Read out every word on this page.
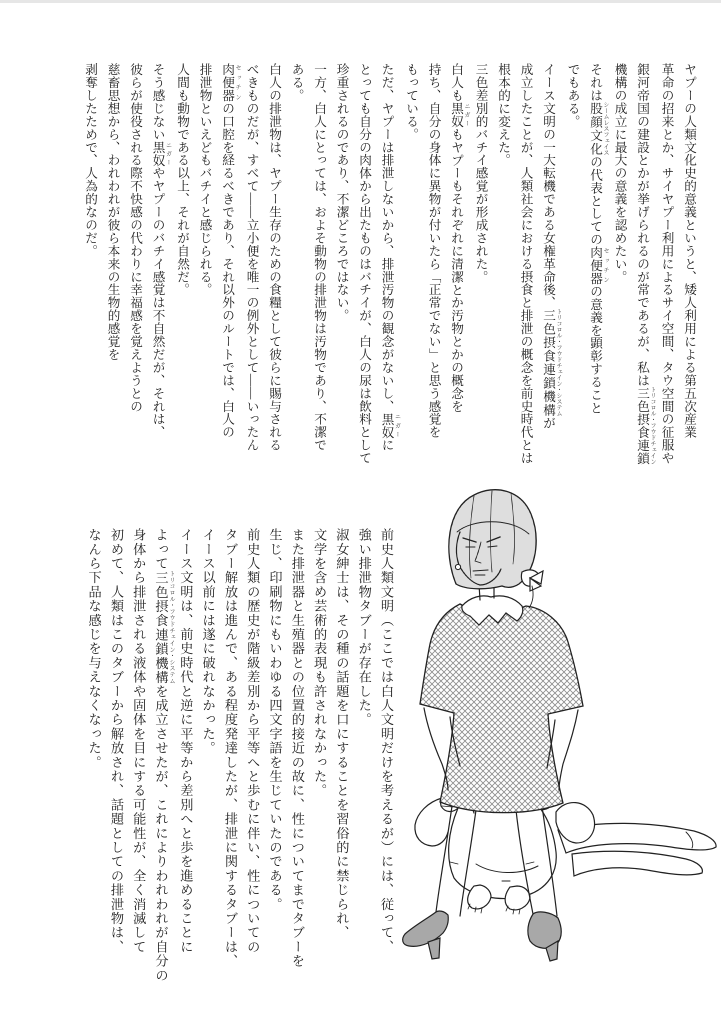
ヤプーの人類文化史的意義というと、矮人利用による第五次産業

革命の招来とか、サイヤプー利用によるサイ空間、タウ空間の征服や

銀河帝国の建設とかが挙げられるのが常であるが、私は三色摂食連鎖 トリコロル・フウドチェイン

機構の成立に最大の意義を認めたい。

それは股顔文化 シームレスフェイスの代表としての肉便器 セッチンの意義を顕彰すること

でもある。

イース文明の一大転機である女権革命後、三色摂食連鎖機構 トリコロル・フウドチェイン・システムが

成立したことが、人類社会における摂食と排泄の概念を前史時代とは

根本的に変えた。

三色差別的バチイ感覚が形成された。

白人も黒奴 ニガーもヤプーもそれぞれに清潔とか汚物とかの概念を

持ち、自分の身体に異物が付いたら「正常でない」と思う感覚を

もっている。

ただ、ヤプーは排泄しないから、排泄汚物の観念がないし、黒奴 ニガーに

とっても自分の肉体から出たものはバチイが、白人の尿は飲料として

珍重されるのであり、不潔どころではない。

一方、白人にとっては、およそ動物の排泄物は汚物であり、不潔で

ある。

白人の排泄物は、ヤプー生存のための食糧として彼らに賜与される

べきものだが、すべて――立小便を唯一の例外として――いったん

肉便器 セッチンの口腔を経るべきであり、それ以外のルートでは、白人の

排泄物といえどもバチイと感じられる。

人間も動物である以上、それが自然だ。

そう感じない黒奴 ニガーやヤプーのバチイ感覚は不自然だが、それは、

彼らが使役される際不快感の代わりに幸福感を覚えようとの

慈畜思想から、われわれが彼ら本来の生物的感覚を

剥奪したためで、人為的なのだ。

前史人類文明（ここでは白人文明だけを考えるが）には、従って、

強い排泄物タブーが存在した。

淑女紳士は、その種の話題を口にすることを習俗的に禁じられ、

文学を含め芸術的表現も許されなかった。

また排泄器と生殖器との位置的接近の故に、性についてまでタブーを

生じ、印刷物にもいわゆる四文字語を生じていたのである。

前史人類の歴史が階級差別から平等へと歩むに伴い、性についての

タブー解放は進んで、ある程度発達したが、排泄に関するタブーは、

イース以前には遂に破れなかった。

イース文明は、前史時代と逆に平等から差別へと歩を進めることに

よって三色摂食連鎖機構 トリコロル・フウドチェイン・システムを成立させたが、これによりわれわれが自分の

身体から排泄される液体や固体を目にする可能性が、全く消滅して

初めて、人類はこのタブーから解放され、話題としての排泄物は、

なんら下品な感じを与えなくなった。
